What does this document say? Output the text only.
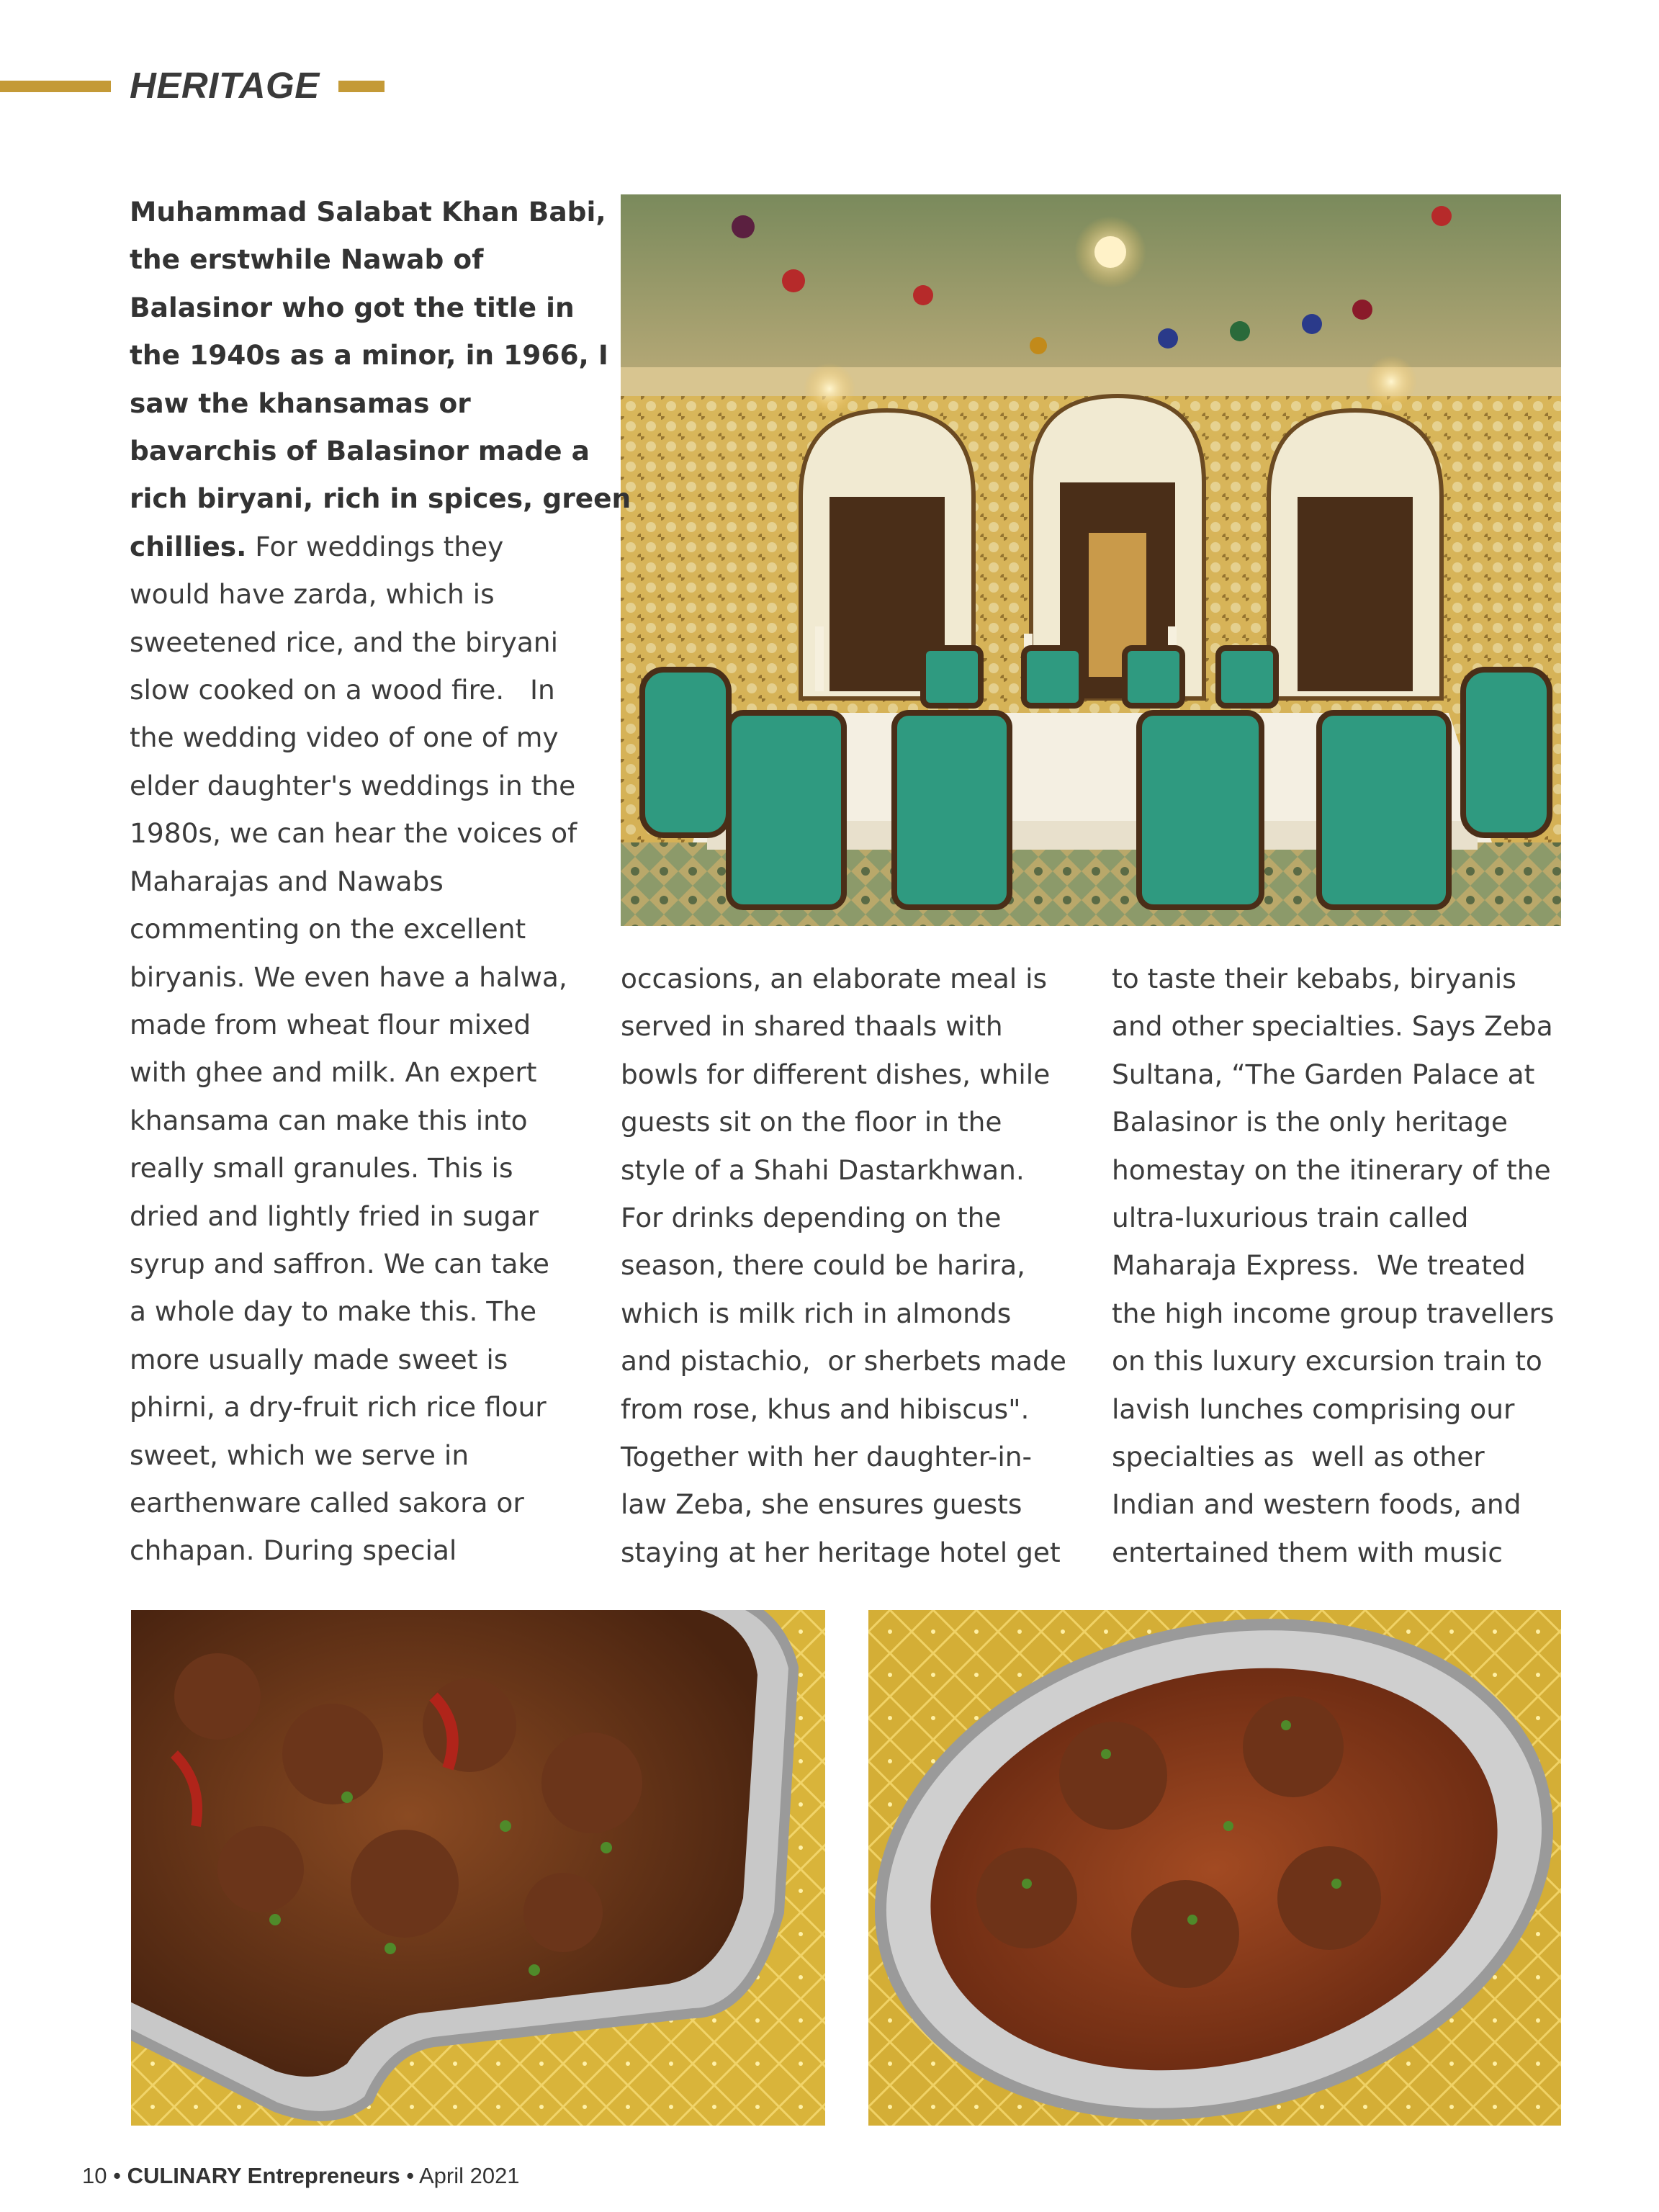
HERITAGE
Muhammad Salabat Khan Babi,
the erstwhile Nawab of
Balasinor who got the title in
the 1940s as a minor, in 1966, I
saw the khansamas or
bavarchis of Balasinor made a
rich biryani, rich in spices, green
chillies. For weddings they
would have zarda, which is
sweetened rice, and the biryani
slow cooked on a wood fire.   In
the wedding video of one of my
elder daughter's weddings in the
1980s, we can hear the voices of
Maharajas and Nawabs
commenting on the excellent
biryanis. We even have a halwa,
made from wheat flour mixed
with ghee and milk. An expert
khansama can make this into
really small granules. This is
dried and lightly fried in sugar
syrup and saffron. We can take
a whole day to make this. The
more usually made sweet is
phirni, a dry-fruit rich rice flour
sweet, which we serve in
earthenware called sakora or
chhapan. During special
occasions, an elaborate meal is
served in shared thaals with
bowls for different dishes, while
guests sit on the floor in the
style of a Shahi Dastarkhwan.
For drinks depending on the
season, there could be harira,
which is milk rich in almonds
and pistachio,  or sherbets made
from rose, khus and hibiscus".
Together with her daughter-in-
law Zeba, she ensures guests
staying at her heritage hotel get
to taste their kebabs, biryanis
and other specialties. Says Zeba
Sultana, “The Garden Palace at
Balasinor is the only heritage
homestay on the itinerary of the
ultra-luxurious train called
Maharaja Express.  We treated
the high income group travellers
on this luxury excursion train to
lavish lunches comprising our
specialties as  well as other
Indian and western foods, and
entertained them with music
10 • CULINARY Entrepreneurs • April 2021
